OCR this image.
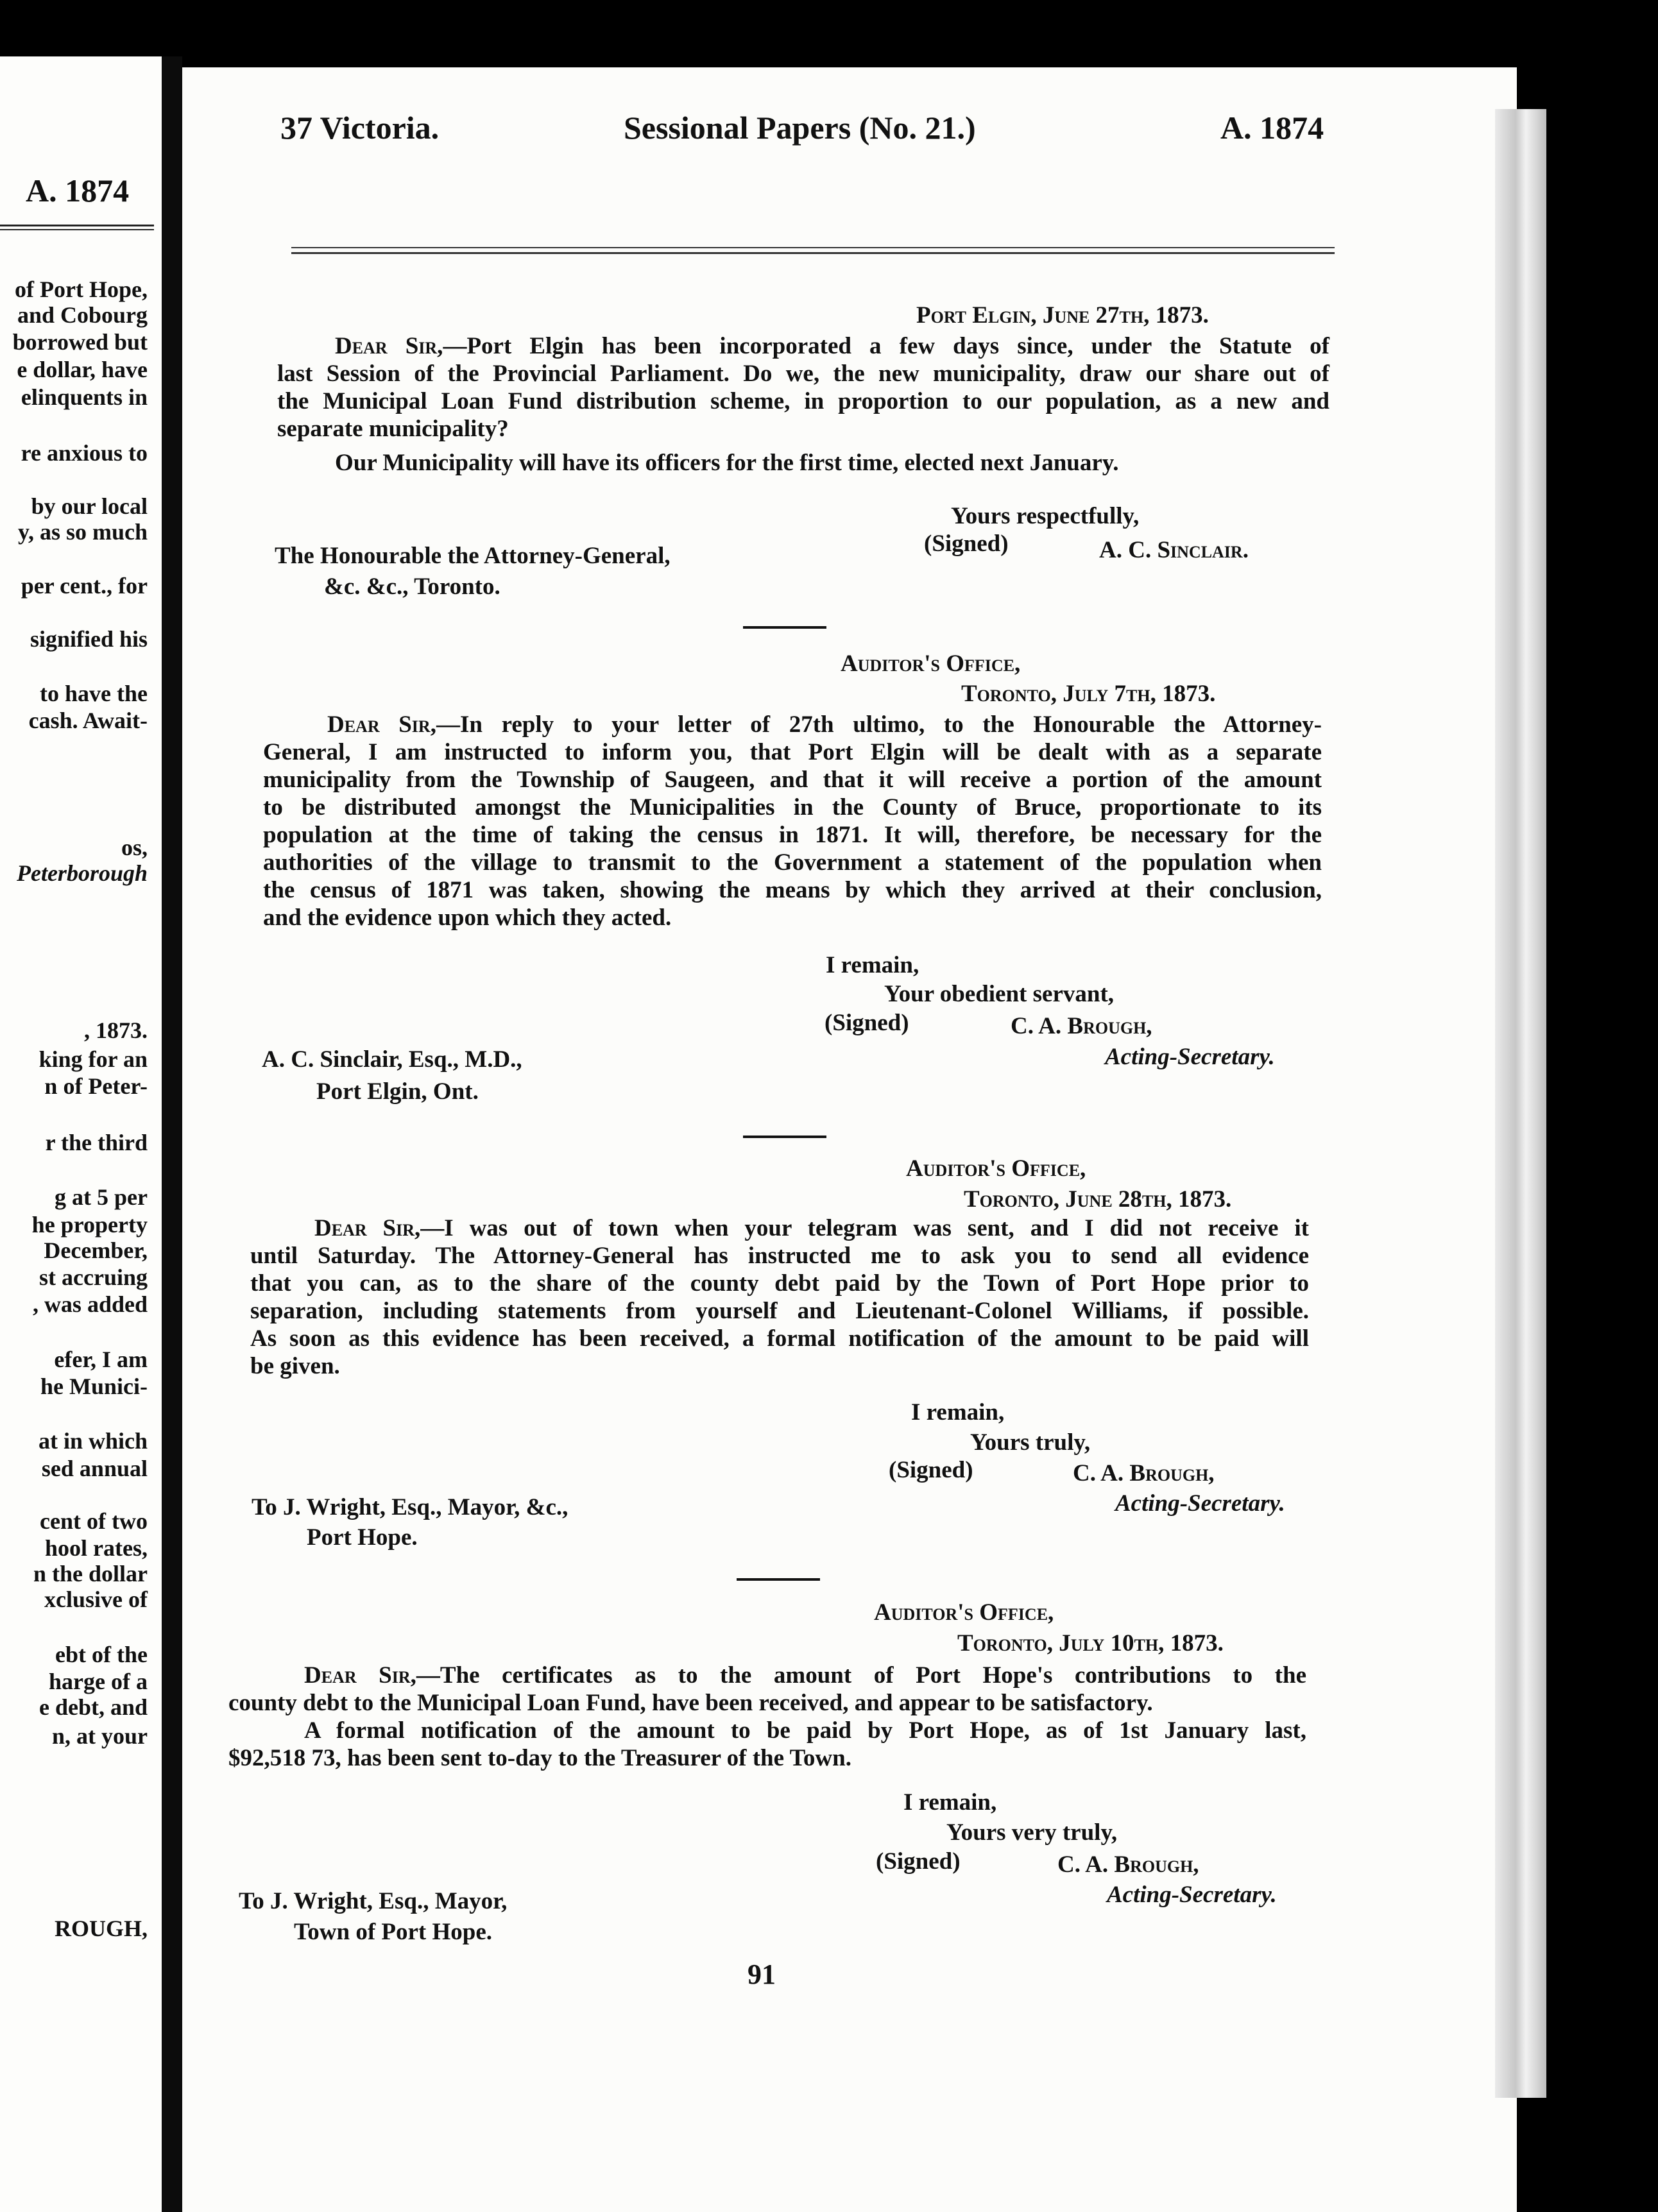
A. 1874
of Port Hope,
and Cobourg
borrowed but
e dollar, have
elinquents in
re anxious to
by our local
y, as so much
per cent., for
signified his
to have the
cash. Await-
os,
Peterborough
, 1873.
king for an
n of Peter-
r the third
g at 5 per
he property
December,
st accruing
, was added
efer, I am
he Munici-
at in which
sed annual
cent of two
hool rates,
n the dollar
xclusive of
ebt of the
harge of a
e debt, and
n, at your
ROUGH,
37 Victoria.	Sessional Papers (No. 21.)	A. 1874
Port Elgin, June 27th, 1873.
Dear Sir,—Port Elgin has been incorporated a few days since, under the Statute of
last Session of the Provincial Parliament. Do we, the new municipality, draw our share out of
the Municipal Loan Fund distribution scheme, in proportion to our population, as a new and
separate municipality?
Our Municipality will have its officers for the first time, elected next January.
Yours respectfully,
(Signed)	A. C. Sinclair.
The Honourable the Attorney-General,
&c. &c., Toronto.
Auditor's Office,
Toronto, July 7th, 1873.
Dear Sir,—In reply to your letter of 27th ultimo, to the Honourable the Attorney-
General, I am instructed to inform you, that Port Elgin will be dealt with as a separate
municipality from the Township of Saugeen, and that it will receive a portion of the amount
to be distributed amongst the Municipalities in the County of Bruce, proportionate to its
population at the time of taking the census in 1871. It will, therefore, be necessary for the
authorities of the village to transmit to the Government a statement of the population when
the census of 1871 was taken, showing the means by which they arrived at their conclusion,
and the evidence upon which they acted.
I remain,
Your obedient servant,
(Signed)	C. A. Brough,
Acting-Secretary.
A. C. Sinclair, Esq., M.D.,
Port Elgin, Ont.
Auditor's Office,
Toronto, June 28th, 1873.
Dear Sir,—I was out of town when your telegram was sent, and I did not receive it
until Saturday. The Attorney-General has instructed me to ask you to send all evidence
that you can, as to the share of the county debt paid by the Town of Port Hope prior to
separation, including statements from yourself and Lieutenant-Colonel Williams, if possible.
As soon as this evidence has been received, a formal notification of the amount to be paid will
be given.
I remain,
Yours truly,
(Signed)	C. A. Brough,
Acting-Secretary.
To J. Wright, Esq., Mayor, &c.,
Port Hope.
Auditor's Office,
Toronto, July 10th, 1873.
Dear Sir,—The certificates as to the amount of Port Hope's contributions to the
county debt to the Municipal Loan Fund, have been received, and appear to be satisfactory.
A formal notification of the amount to be paid by Port Hope, as of 1st January last,
$92,518 73, has been sent to-day to the Treasurer of the Town.
I remain,
Yours very truly,
(Signed)	C. A. Brough,
Acting-Secretary.
To J. Wright, Esq., Mayor,
Town of Port Hope.
91
